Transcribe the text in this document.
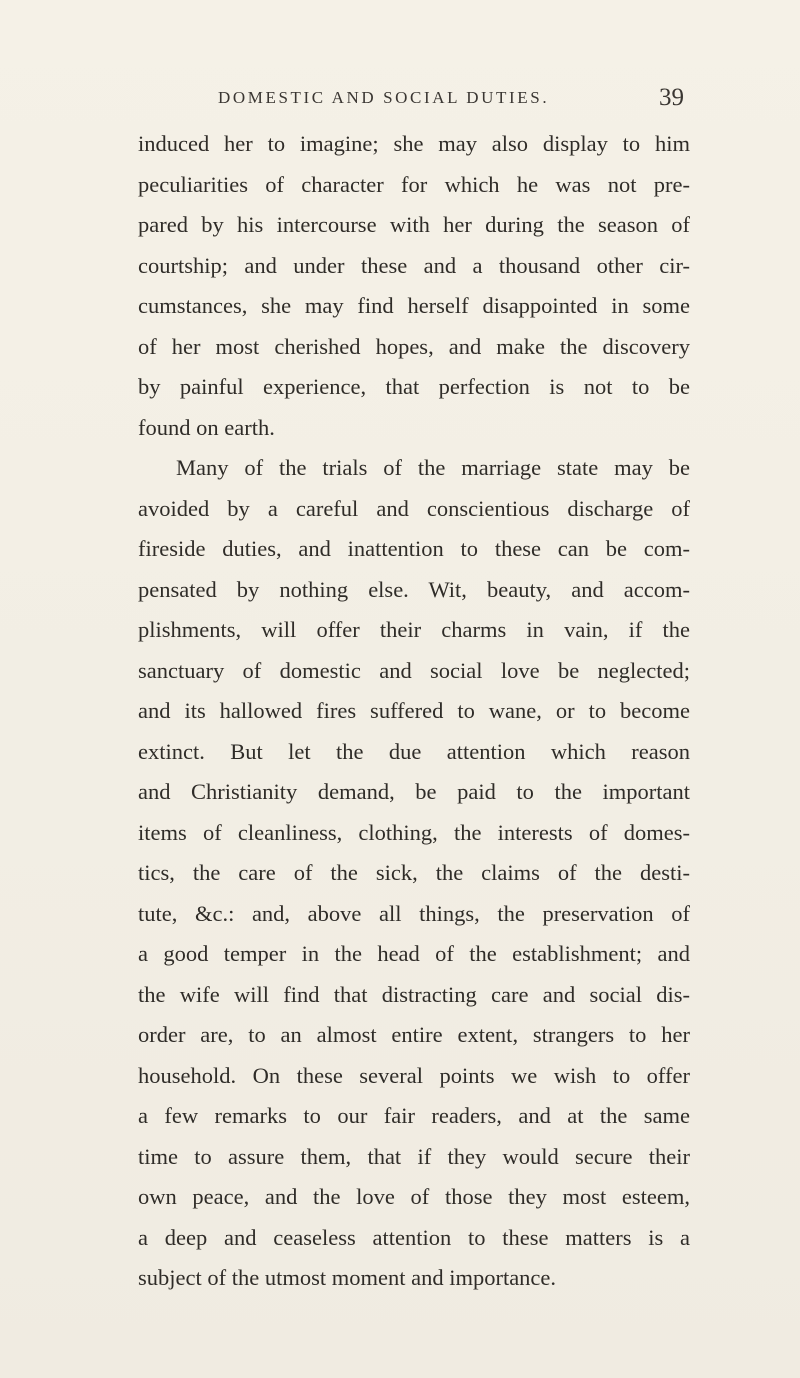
DOMESTIC AND SOCIAL DUTIES.	39
induced her to imagine; she may also display to him
peculiarities of character for which he was not pre-
pared by his intercourse with her during the season of
courtship; and under these and a thousand other cir-
cumstances, she may find herself disappointed in some
of her most cherished hopes, and make the discovery
by painful experience, that perfection is not to be
found on earth.
Many of the trials of the marriage state may be
avoided by a careful and conscientious discharge of
fireside duties, and inattention to these can be com-
pensated by nothing else. Wit, beauty, and accom-
plishments, will offer their charms in vain, if the
sanctuary of domestic and social love be neglected;
and its hallowed fires suffered to wane, or to become
extinct. But let the due attention which reason
and Christianity demand, be paid to the important
items of cleanliness, clothing, the interests of domes-
tics, the care of the sick, the claims of the desti-
tute, &c.: and, above all things, the preservation of
a good temper in the head of the establishment; and
the wife will find that distracting care and social dis-
order are, to an almost entire extent, strangers to her
household. On these several points we wish to offer
a few remarks to our fair readers, and at the same
time to assure them, that if they would secure their
own peace, and the love of those they most esteem,
a deep and ceaseless attention to these matters is a
subject of the utmost moment and importance.
